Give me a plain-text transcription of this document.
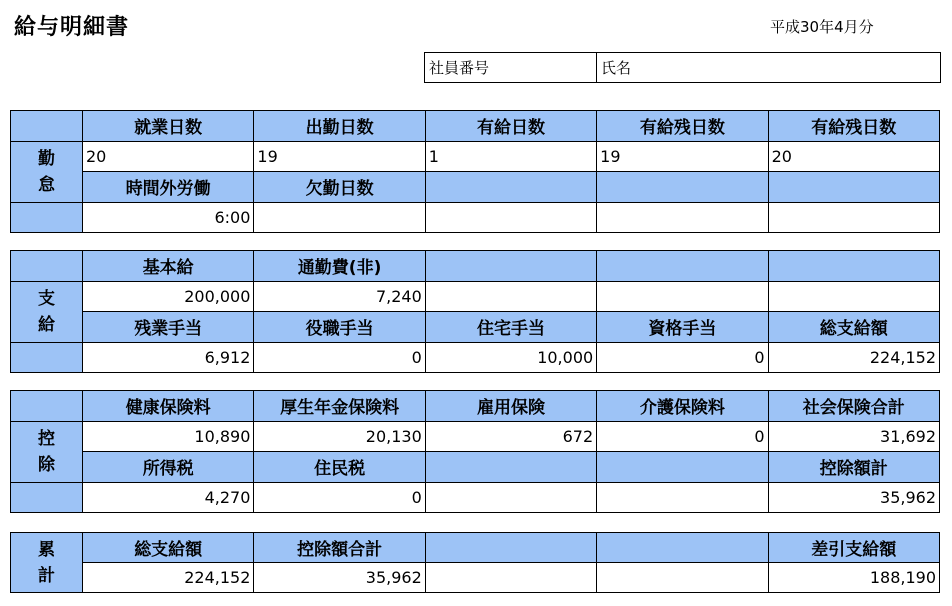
給与明細書	平成30年4月分
社員番号	氏名
	就業日数	出勤日数	有給日数	有給残日数	有給残日数

勤
怠	20	19	1	19	20
	時間外労働	欠勤日数			
	6:00				
	基本給	通勤費(非)			

支
給	200,000	7,240			
	残業手当	役職手当	住宅手当	資格手当	総支給額
	6,912	0	10,000	0	224,152
	健康保険料	厚生年金保険料	雇用保険	介護保険料	社会保険合計

控
除	10,890	20,130	672	0	31,692
	所得税	住民税			控除額計
	4,270	0			35,962
累
計	総支給額	控除額合計			差引支給額
	224,152	35,962			188,190
